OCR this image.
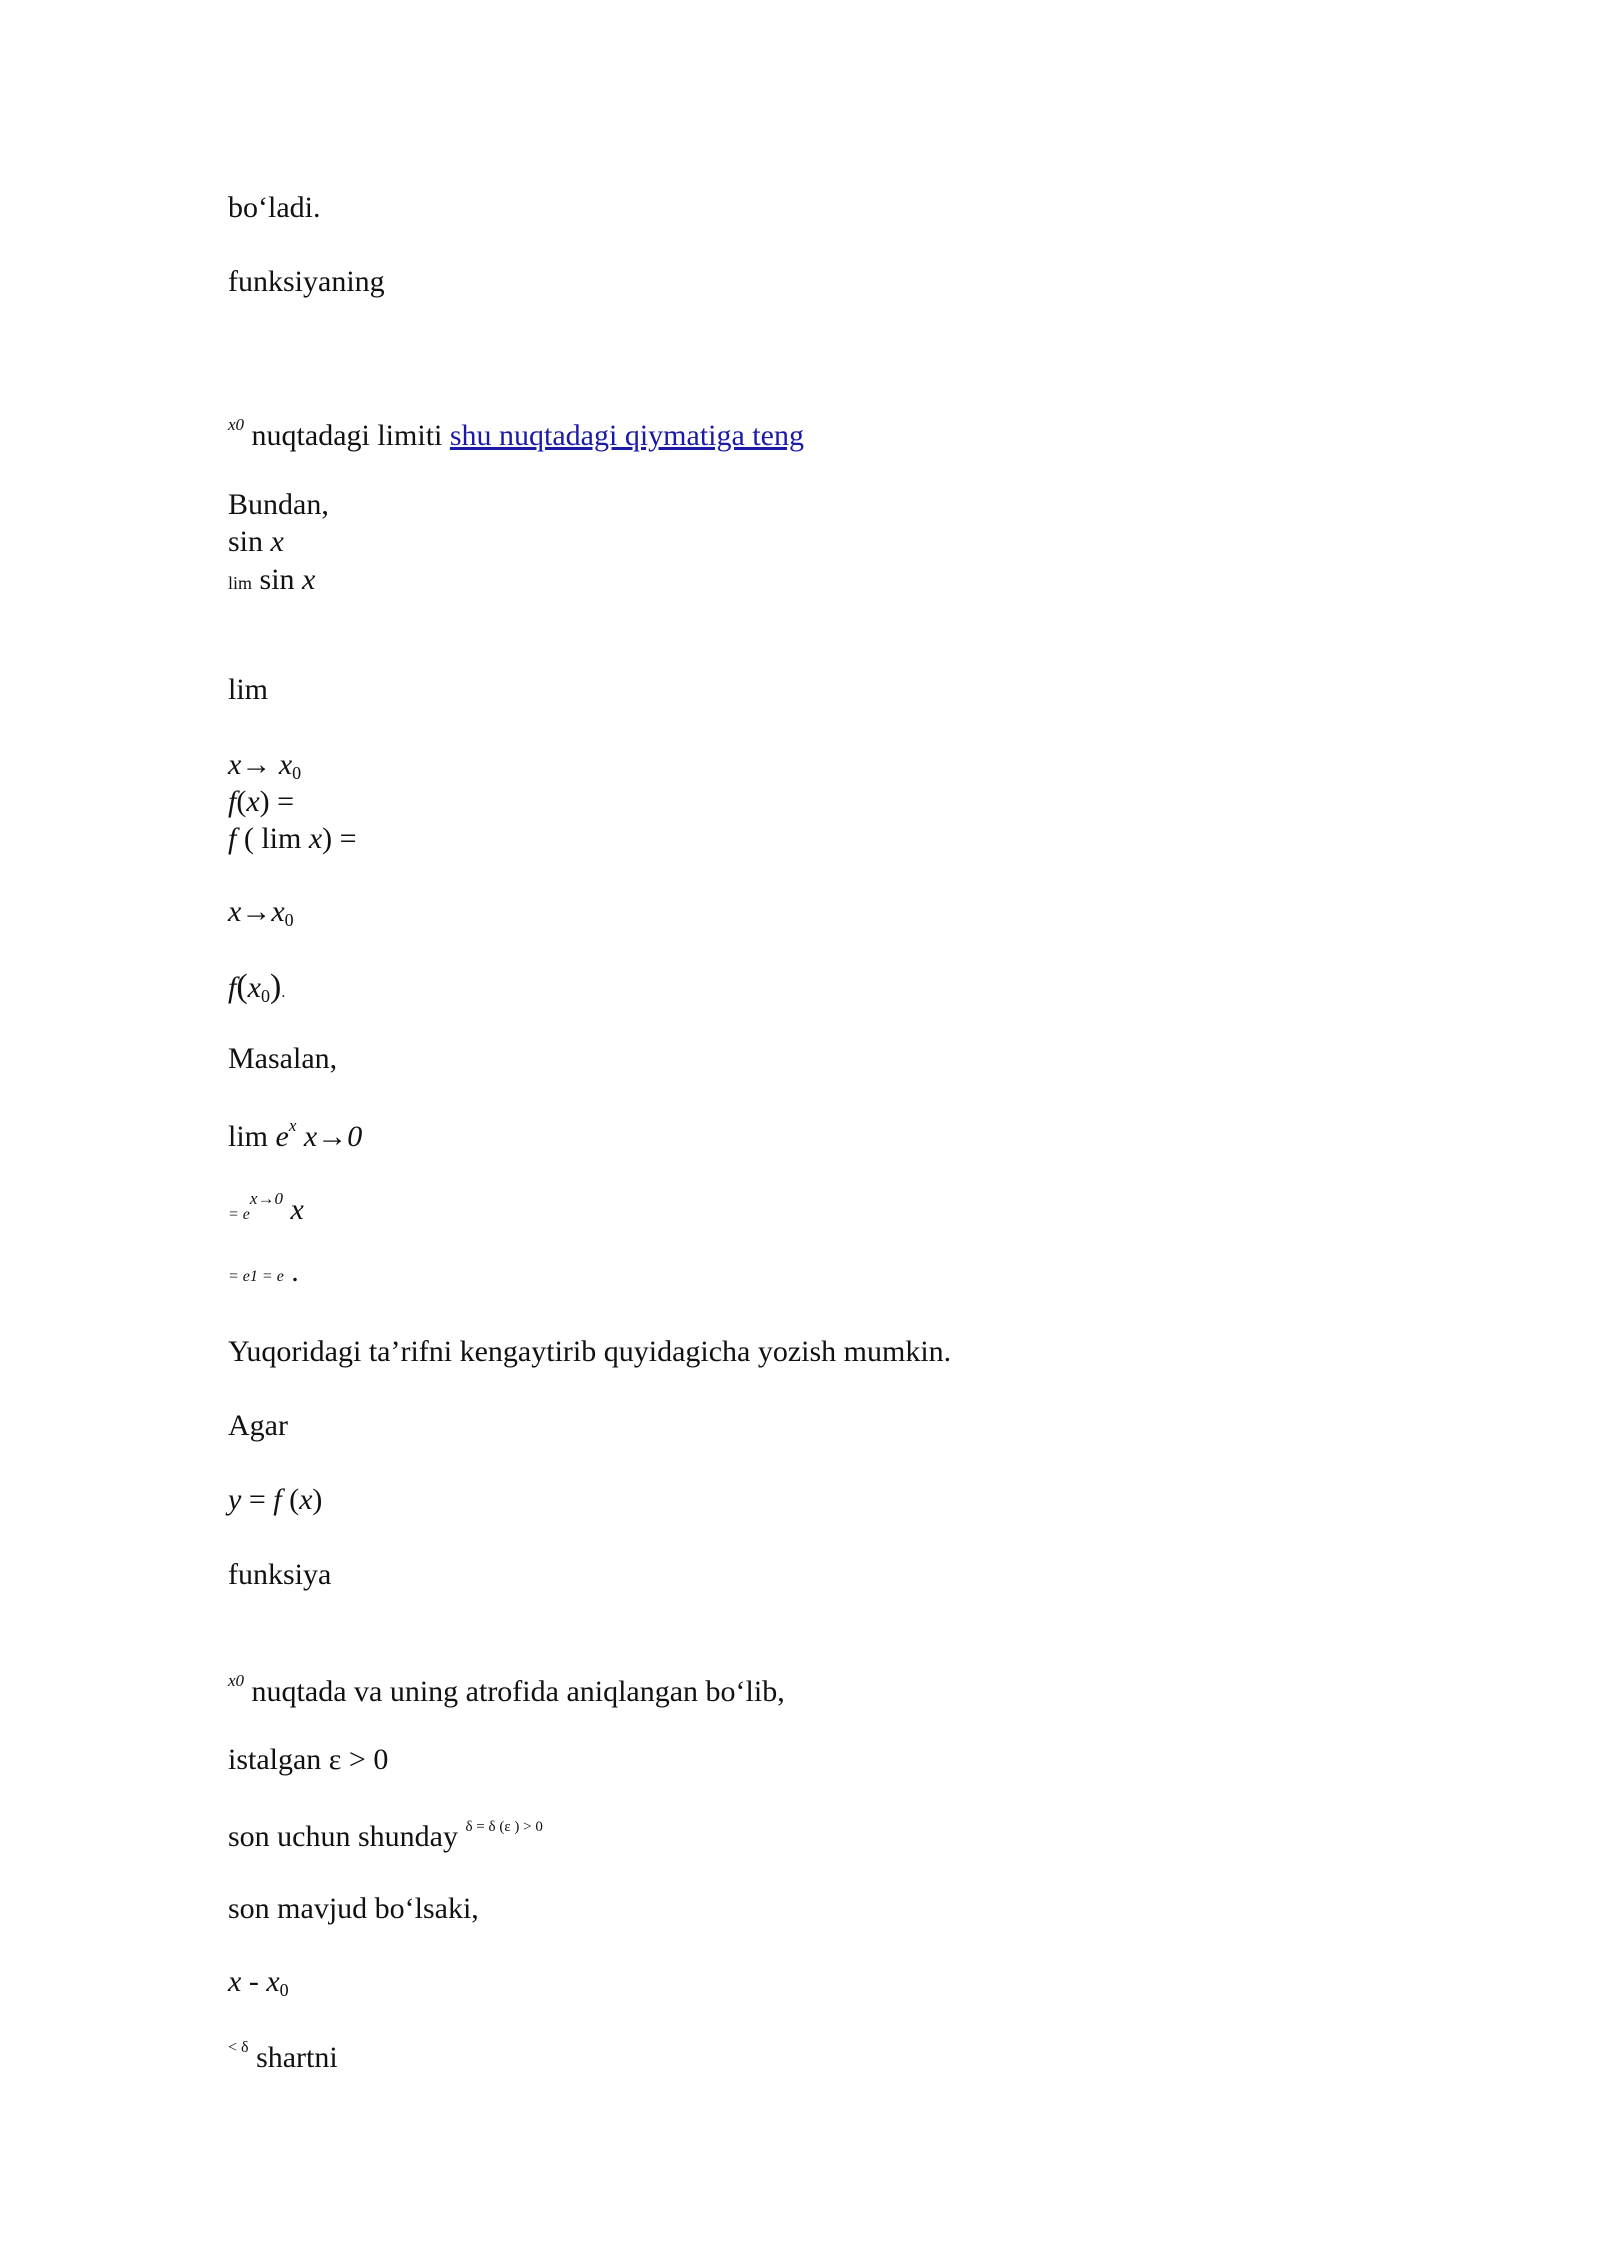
bo‘ladi.
funksiyaning
$^{x0}$ nuqtadagi limiti shu nuqtadagi qiymatiga teng
Bundan,
sin x
lim sin x
lim
$x\to x_0$
f(x) =
f ( lim x) =
$x\to x_0$
$f(x_0)$.
Masalan,
$\lim e^x$ x→0
= $e^{x\to 0}$ x
= e1 = e .
Yuqoridagi ta’rifni kengaytirib quyidagicha yozish mumkin.
Agar
y = f (x)
funksiya
$^{x0}$ nuqtada va uning atrofida aniqlangan bo‘lib,
istalgan ε > 0
son uchun shunday $^{\delta = \delta (\varepsilon ) > 0}$
son mavjud bo‘lsaki,
x - $x_0$
$^{< \delta}$ shartni
